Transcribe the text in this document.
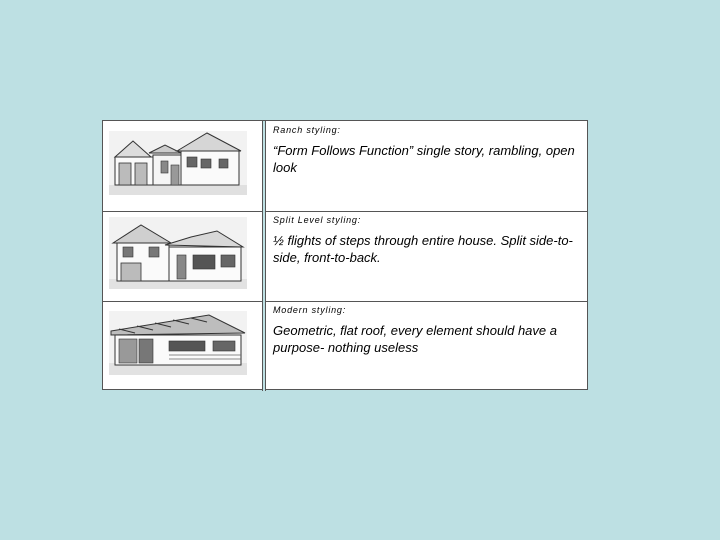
Ranch styling:
“Form Follows Function” single story, rambling, open look
Split Level styling:
½ flights of steps through entire house. Split side-to-side, front-to-back.
Modern styling:
Geometric, flat roof, every element should have a purpose- nothing useless
